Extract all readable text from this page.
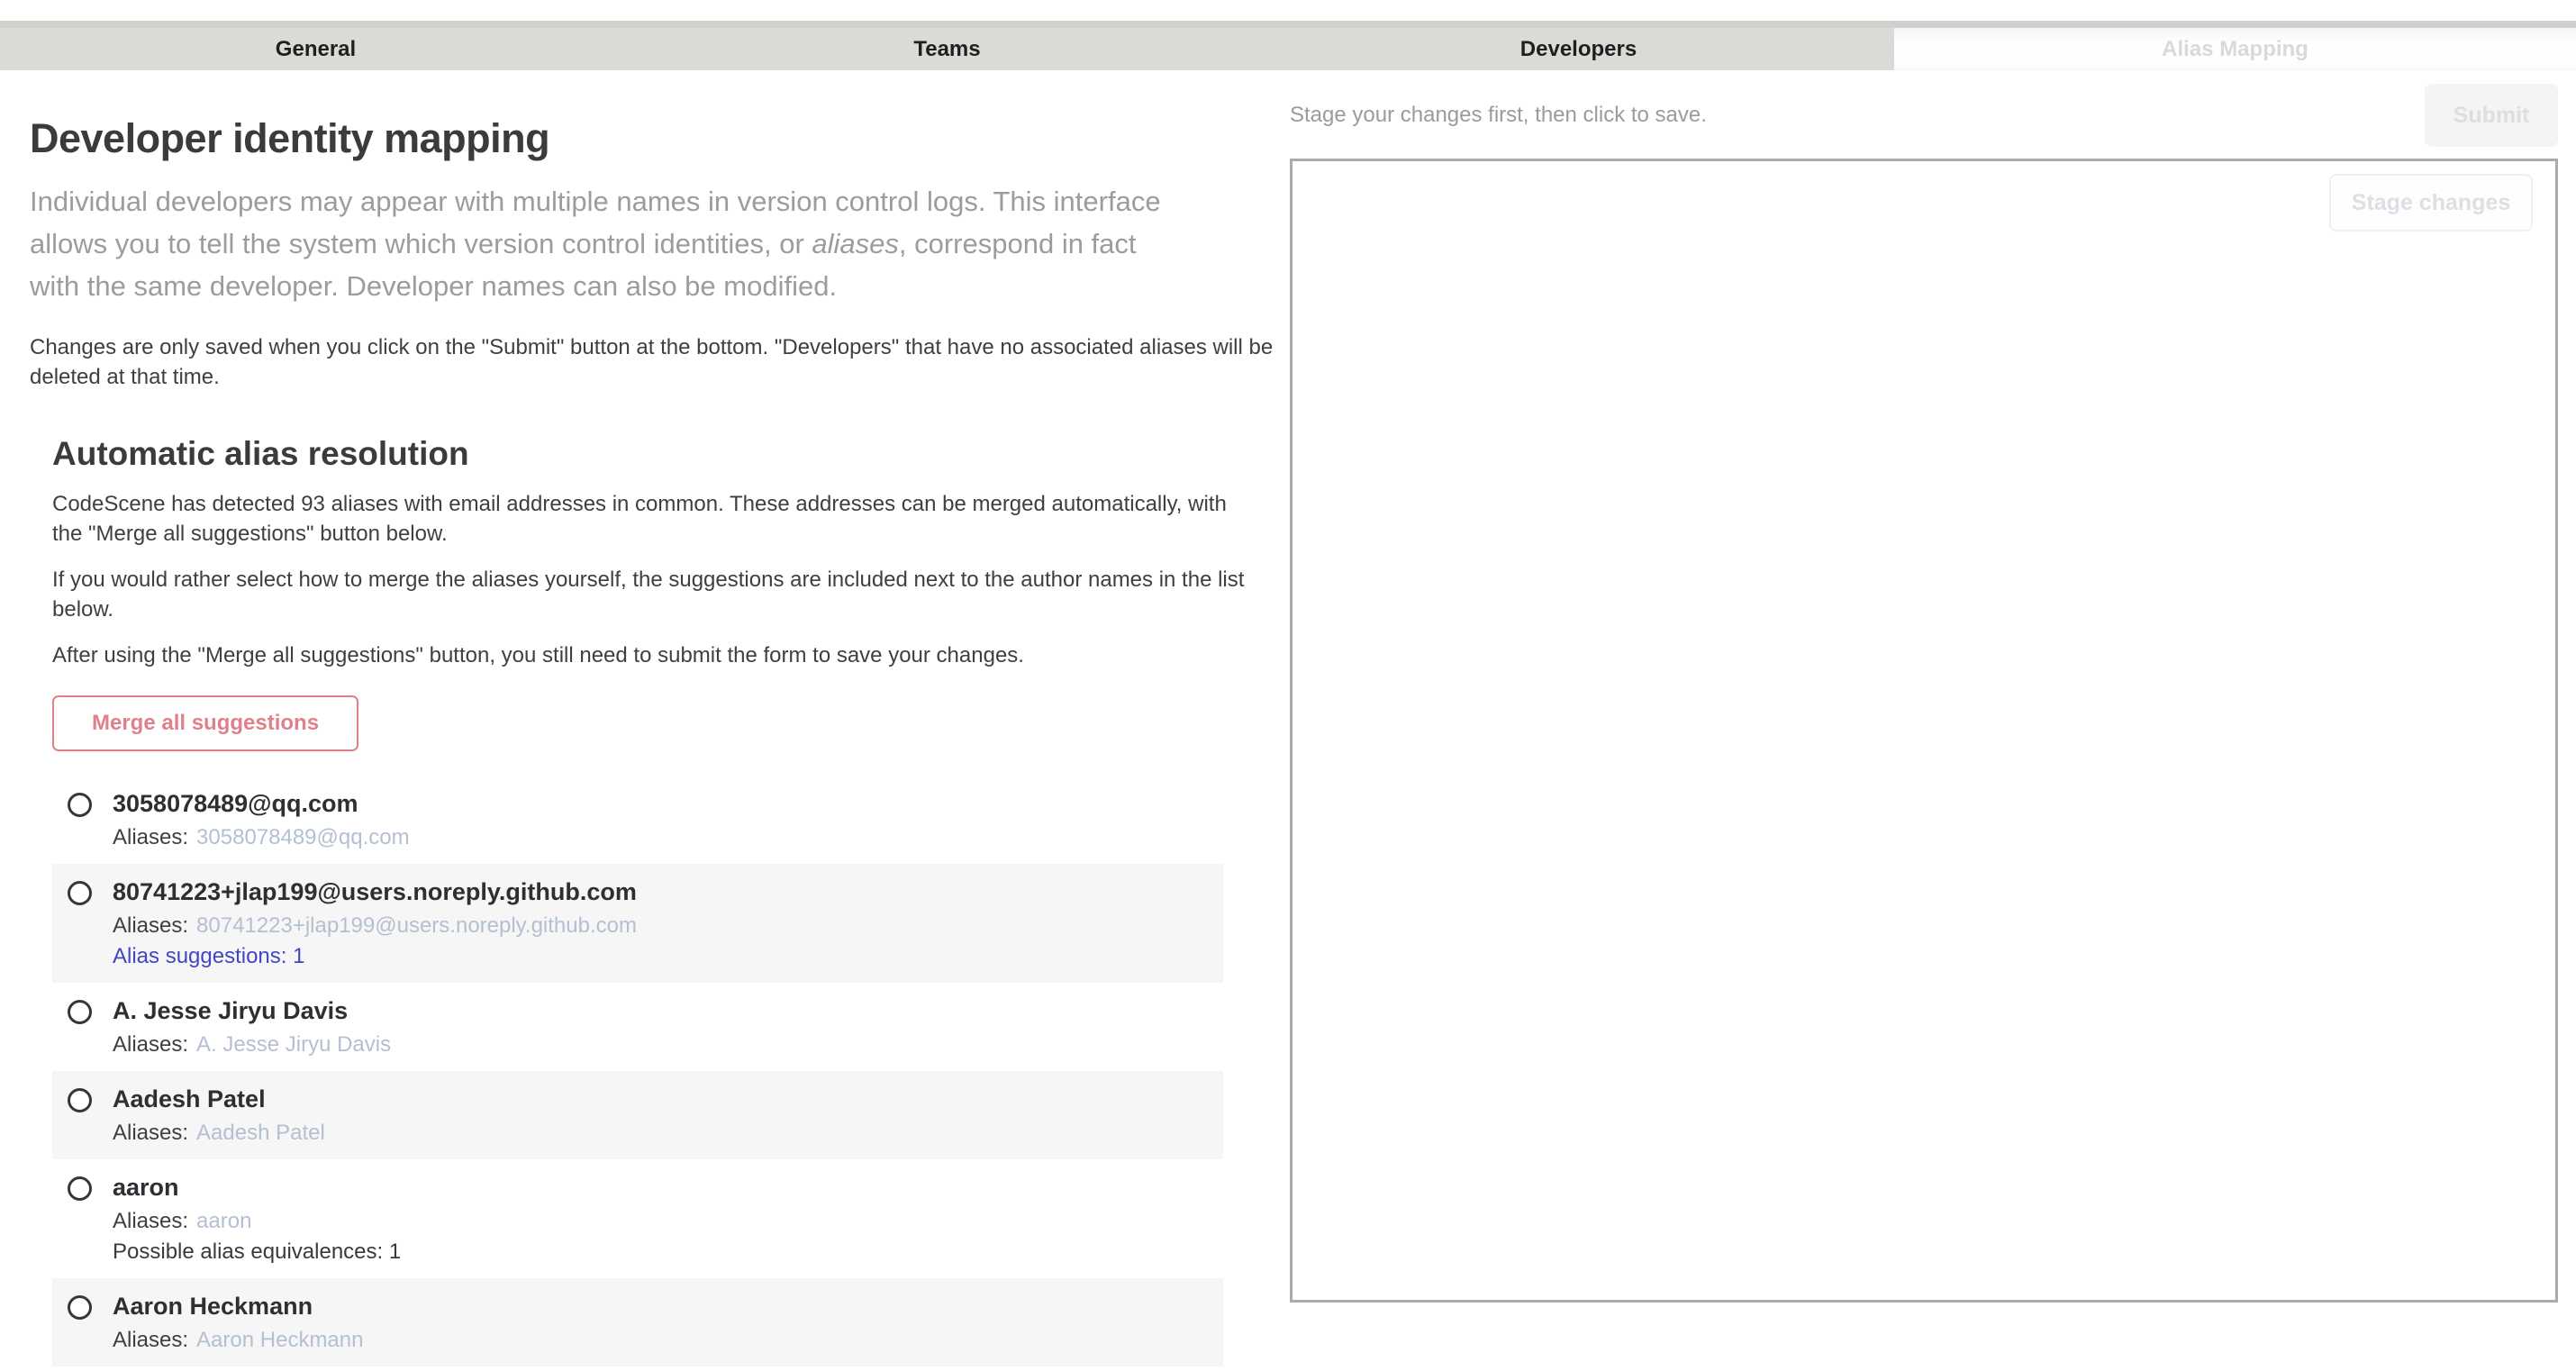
General	Teams	Developers	Alias Mapping
Developer identity mapping

Individual developers may appear with multiple names in version control logs. This interface allows you to tell the system which version control identities, or aliases, correspond in fact with the same developer. Developer names can also be modified.

Changes are only saved when you click on the "Submit" button at the bottom. "Developers" that have no associated aliases will be deleted at that time.

Automatic alias resolution

CodeScene has detected 93 aliases with email addresses in common. These addresses can be merged automatically, with the "Merge all suggestions" button below.

If you would rather select how to merge the aliases yourself, the suggestions are included next to the author names in the list below.

After using the "Merge all suggestions" button, you still need to submit the form to save your changes.

Merge all suggestions
3058078489@qq.com
Aliases: 3058078489@qq.com
80741223+jlap199@users.noreply.github.com
Aliases: 80741223+jlap199@users.noreply.github.com
Alias suggestions: 1
A. Jesse Jiryu Davis
Aliases: A. Jesse Jiryu Davis
Aadesh Patel
Aliases: Aadesh Patel
aaron
Aliases: aaron
Possible alias equivalences: 1
Aaron Heckmann
Aliases: Aaron Heckmann
Stage your changes first, then click to save.	Submit
Stage changes
